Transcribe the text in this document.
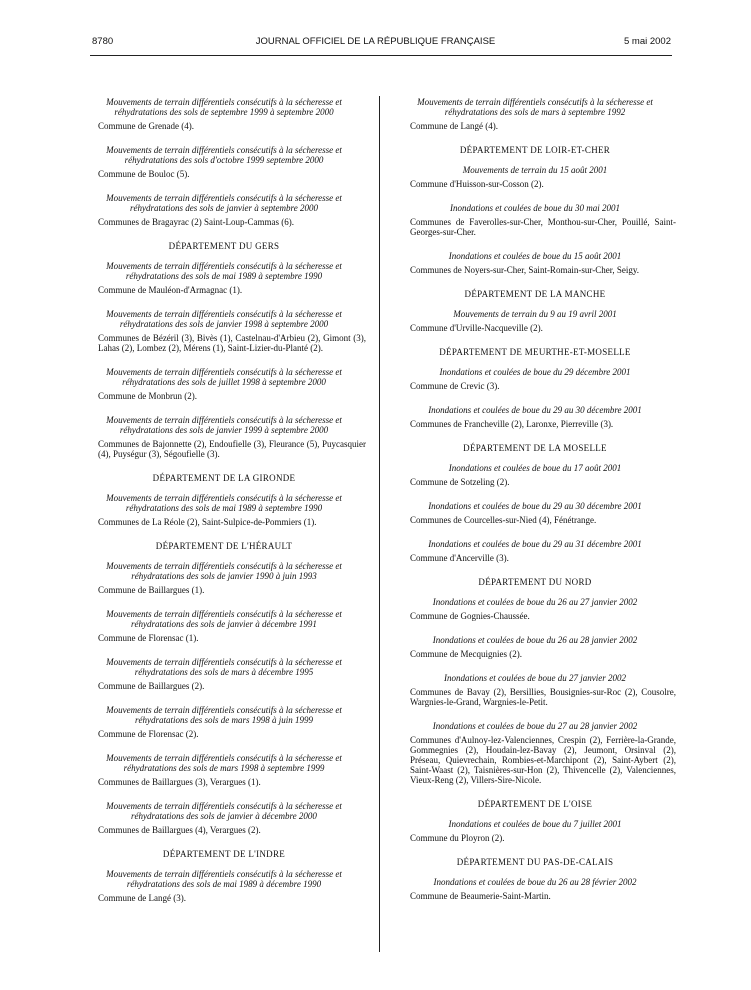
8780	JOURNAL OFFICIEL DE LA RÉPUBLIQUE FRANÇAISE	5 mai 2002
Mouvements de terrain différentiels consécutifs à la sécheresse et réhydratations des sols de septembre 1999 à septembre 2000
Commune de Grenade (4).
Mouvements de terrain différentiels consécutifs à la sécheresse et réhydratations des sols d'octobre 1999 septembre 2000
Commune de Bouloc (5).
Mouvements de terrain différentiels consécutifs à la sécheresse et réhydratations des sols de janvier à septembre 2000
Communes de Bragayrac (2) Saint-Loup-Cammas (6).
DÉPARTEMENT DU GERS
Mouvements de terrain différentiels consécutifs à la sécheresse et réhydratations des sols de mai 1989 à septembre 1990
Commune de Mauléon-d'Armagnac (1).
Mouvements de terrain différentiels consécutifs à la sécheresse et réhydratations des sols de janvier 1998 à septembre 2000
Communes de Bézéril (3), Bivès (1), Castelnau-d'Arbieu (2), Gimont (3), Lahas (2), Lombez (2), Mérens (1), Saint-Lizier-du-Planté (2).
Mouvements de terrain différentiels consécutifs à la sécheresse et réhydratations des sols de juillet 1998 à septembre 2000
Commune de Monbrun (2).
Mouvements de terrain différentiels consécutifs à la sécheresse et réhydratations des sols de janvier 1999 à septembre 2000
Communes de Bajonnette (2), Endoufielle (3), Fleurance (5), Puycasquier (4), Puységur (3), Ségoufielle (3).
DÉPARTEMENT DE LA GIRONDE
Mouvements de terrain différentiels consécutifs à la sécheresse et réhydratations des sols de mai 1989 à septembre 1990
Communes de La Réole (2), Saint-Sulpice-de-Pommiers (1).
DÉPARTEMENT DE L'HÉRAULT
Mouvements de terrain différentiels consécutifs à la sécheresse et réhydratations des sols de janvier 1990 à juin 1993
Commune de Baillargues (1).
Mouvements de terrain différentiels consécutifs à la sécheresse et réhydratations des sols de janvier à décembre 1991
Commune de Florensac (1).
Mouvements de terrain différentiels consécutifs à la sécheresse et réhydratations des sols de mars à décembre 1995
Commune de Baillargues (2).
Mouvements de terrain différentiels consécutifs à la sécheresse et réhydratations des sols de mars 1998 à juin 1999
Commune de Florensac (2).
Mouvements de terrain différentiels consécutifs à la sécheresse et réhydratations des sols de mars 1998 à septembre 1999
Communes de Baillargues (3), Verargues (1).
Mouvements de terrain différentiels consécutifs à la sécheresse et réhydratations des sols de janvier à décembre 2000
Communes de Baillargues (4), Verargues (2).
DÉPARTEMENT DE L'INDRE
Mouvements de terrain différentiels consécutifs à la sécheresse et réhydratations des sols de mai 1989 à décembre 1990
Commune de Langé (3).
Mouvements de terrain différentiels consécutifs à la sécheresse et réhydratations des sols de mars à septembre 1992
Commune de Langé (4).
DÉPARTEMENT DE LOIR-ET-CHER
Mouvements de terrain du 15 août 2001
Commune d'Huisson-sur-Cosson (2).
Inondations et coulées de boue du 30 mai 2001
Communes de Faverolles-sur-Cher, Monthou-sur-Cher, Pouillé, Saint-Georges-sur-Cher.
Inondations et coulées de boue du 15 août 2001
Communes de Noyers-sur-Cher, Saint-Romain-sur-Cher, Seigy.
DÉPARTEMENT DE LA MANCHE
Mouvements de terrain du 9 au 19 avril 2001
Commune d'Urville-Nacqueville (2).
DÉPARTEMENT DE MEURTHE-ET-MOSELLE
Inondations et coulées de boue du 29 décembre 2001
Commune de Crevic (3).
Inondations et coulées de boue du 29 au 30 décembre 2001
Communes de Francheville (2), Laronxe, Pierreville (3).
DÉPARTEMENT DE LA MOSELLE
Inondations et coulées de boue du 17 août 2001
Commune de Sotzeling (2).
Inondations et coulées de boue du 29 au 30 décembre 2001
Communes de Courcelles-sur-Nied (4), Fénétrange.
Inondations et coulées de boue du 29 au 31 décembre 2001
Commune d'Ancerville (3).
DÉPARTEMENT DU NORD
Inondations et coulées de boue du 26 au 27 janvier 2002
Commune de Gognies-Chaussée.
Inondations et coulées de boue du 26 au 28 janvier 2002
Commune de Mecquignies (2).
Inondations et coulées de boue du 27 janvier 2002
Communes de Bavay (2), Bersillies, Bousignies-sur-Roc (2), Cousolre, Wargnies-le-Grand, Wargnies-le-Petit.
Inondations et coulées de boue du 27 au 28 janvier 2002
Communes d'Aulnoy-lez-Valenciennes, Crespin (2), Ferrière-la-Grande, Gommegnies (2), Houdain-lez-Bavay (2), Jeumont, Orsinval (2), Préseau, Quievrechain, Rombies-et-Marchipont (2), Saint-Aybert (2), Saint-Waast (2), Taisnières-sur-Hon (2), Thivencelle (2), Valenciennes, Vieux-Reng (2), Villers-Sire-Nicole.
DÉPARTEMENT DE L'OISE
Inondations et coulées de boue du 7 juillet 2001
Commune du Ployron (2).
DÉPARTEMENT DU PAS-DE-CALAIS
Inondations et coulées de boue du 26 au 28 février 2002
Commune de Beaumerie-Saint-Martin.
